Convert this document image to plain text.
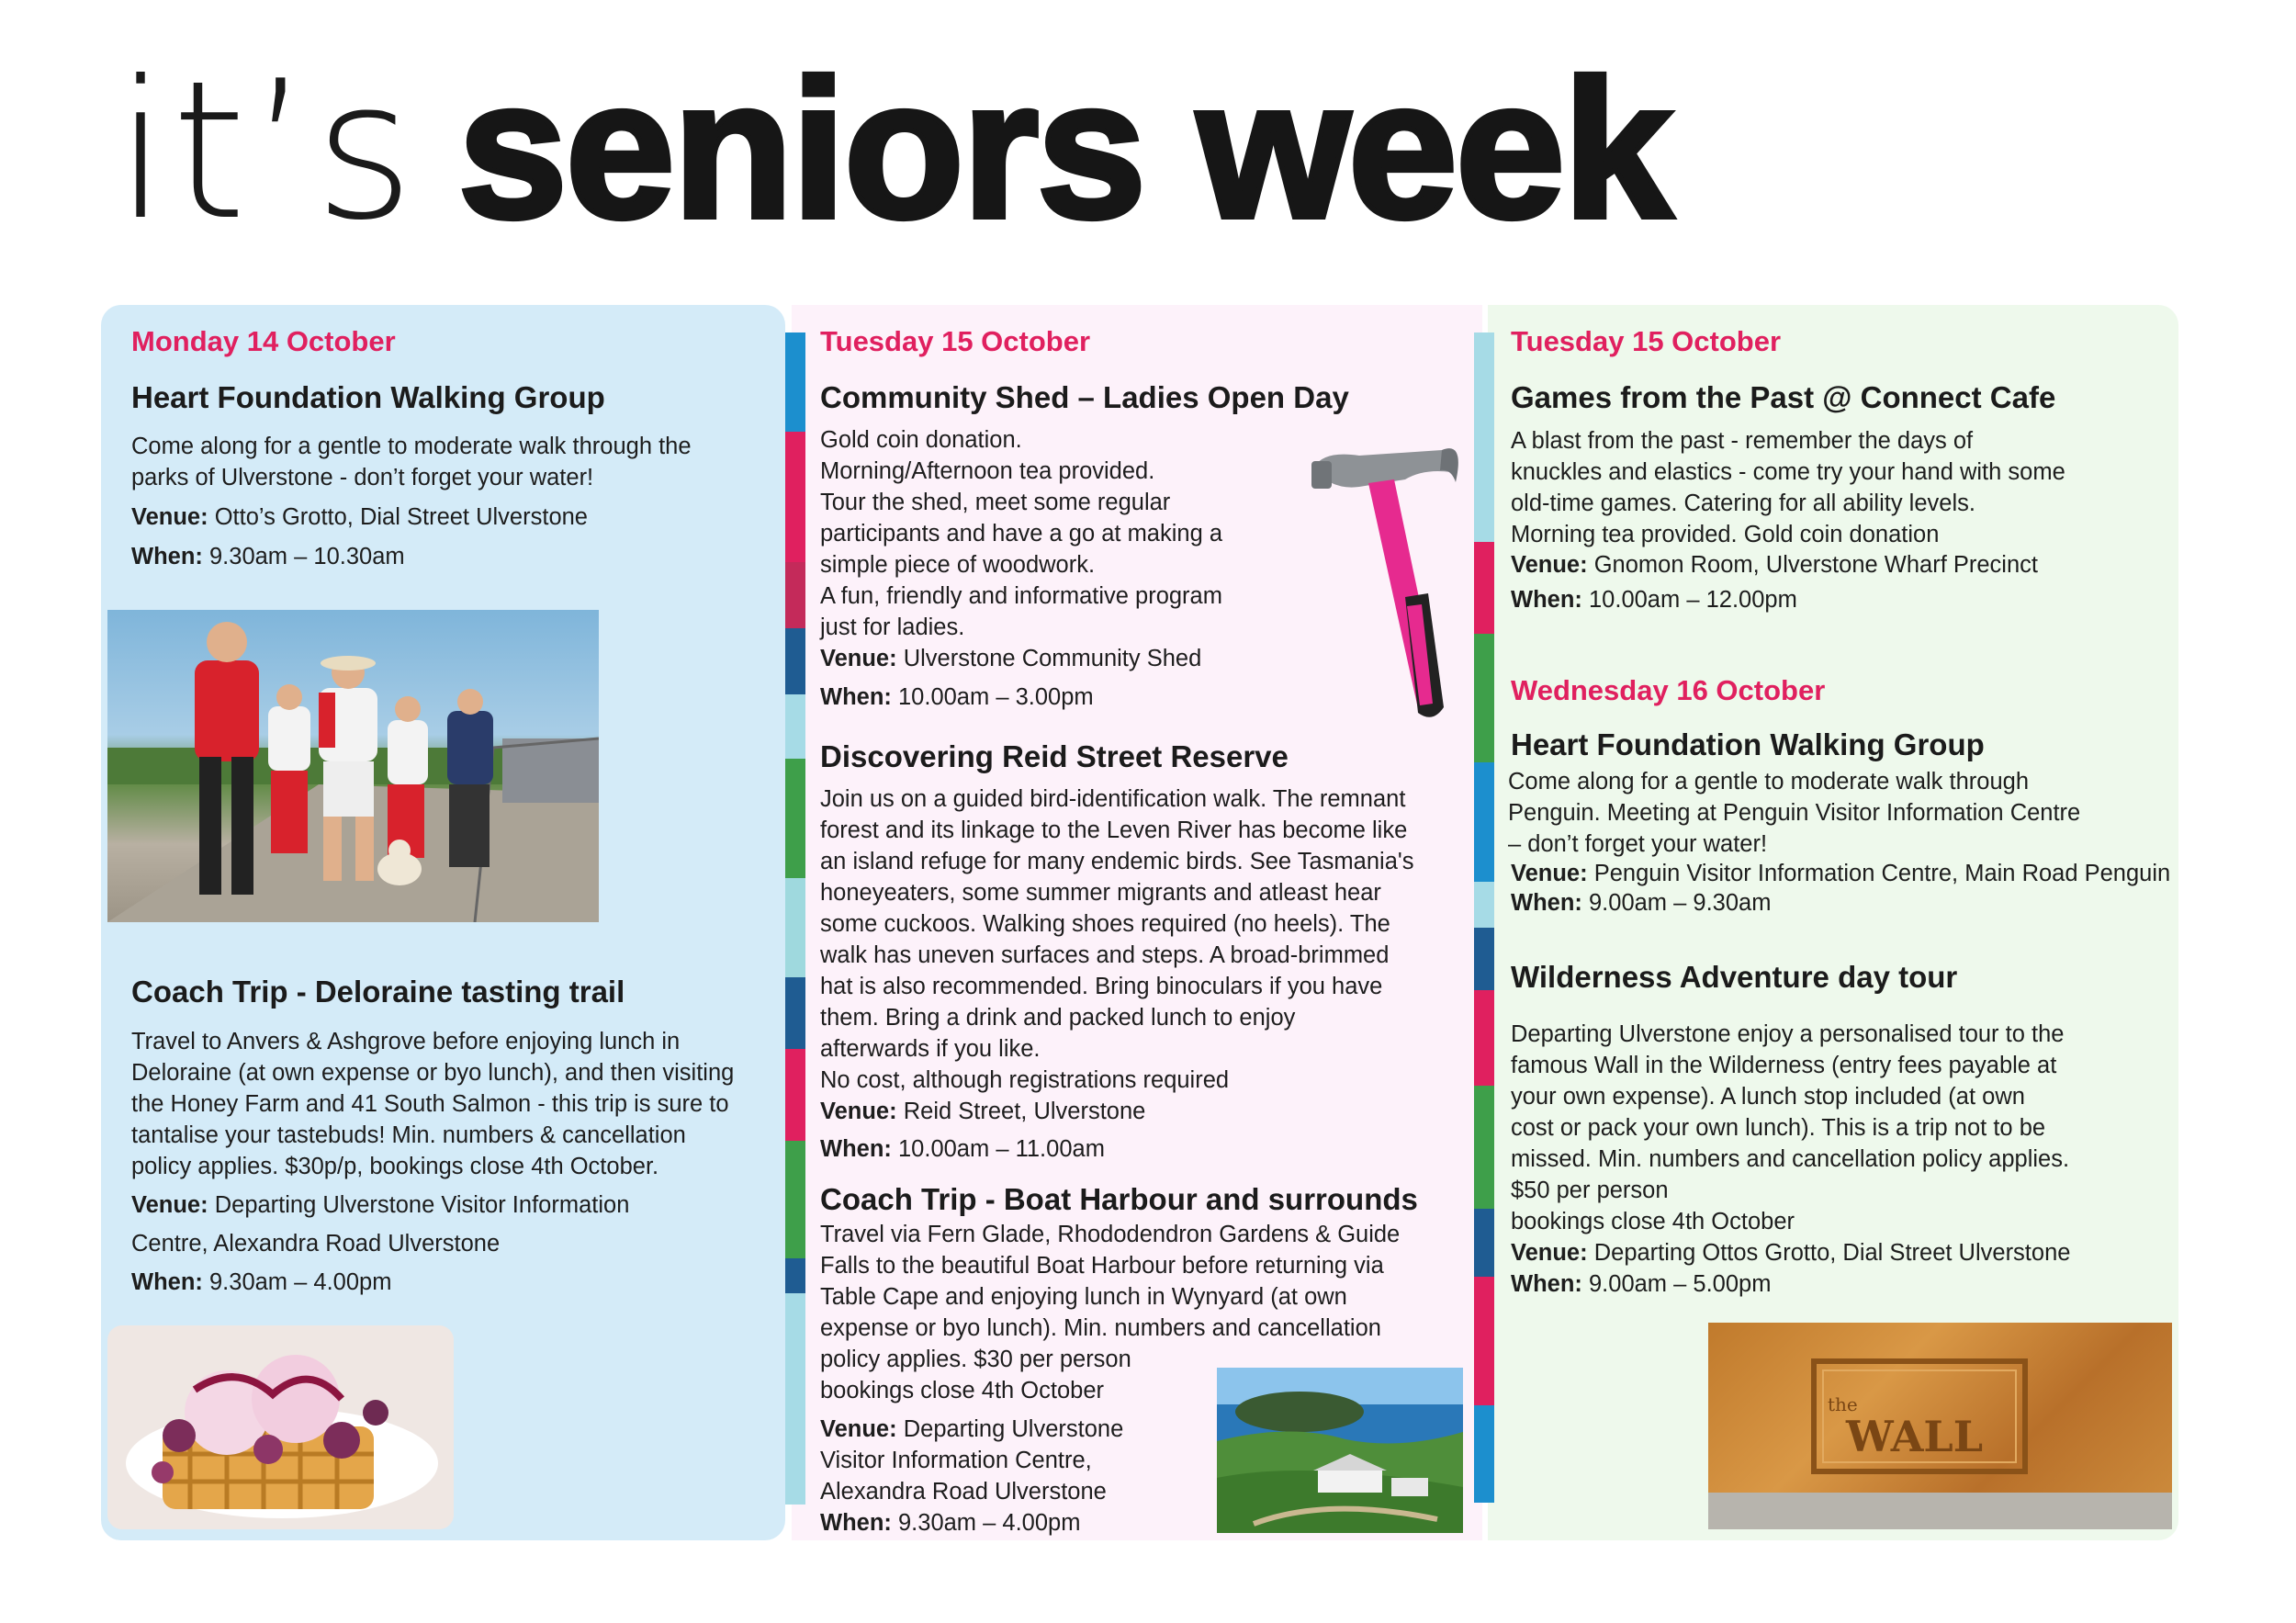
it’s seniors week
Monday 14 October
Heart Foundation Walking Group
Come along for a gentle to moderate walk through the
parks of Ulverstone - don’t forget your water!
Venue: Otto’s Grotto, Dial Street Ulverstone
When: 9.30am – 10.30am
Coach Trip - Deloraine tasting trail
Travel to Anvers & Ashgrove before enjoying lunch in
Deloraine (at own expense or byo lunch), and then visiting
the Honey Farm and 41 South Salmon - this trip is sure to
tantalise your tastebuds! Min. numbers & cancellation
policy applies. $30p/p, bookings close 4th October.
Venue: Departing Ulverstone Visitor Information
Centre, Alexandra Road Ulverstone
When: 9.30am – 4.00pm
Tuesday 15 October
Community Shed – Ladies Open Day
Gold coin donation.
Morning/Afternoon tea provided.
Tour the shed, meet some regular
participants and have a go at making a
simple piece of woodwork.
A fun, friendly and informative program
just for ladies.
Venue: Ulverstone Community Shed
When: 10.00am – 3.00pm
Discovering Reid Street Reserve
Join us on a guided bird-identification walk. The remnant
forest and its linkage to the Leven River has become like
an island refuge for many endemic birds. See Tasmania's
honeyeaters, some summer migrants and atleast hear
some cuckoos. Walking shoes required (no heels). The
walk has uneven surfaces and steps. A broad-brimmed
hat is also recommended. Bring binoculars if you have
them. Bring a drink and packed lunch to enjoy
afterwards if you like.
No cost, although registrations required
Venue: Reid Street, Ulverstone
When: 10.00am – 11.00am
Coach Trip - Boat Harbour and surrounds
Travel via Fern Glade, Rhododendron Gardens & Guide
Falls to the beautiful Boat Harbour before returning via
Table Cape and enjoying lunch in Wynyard (at own
expense or byo lunch). Min. numbers and cancellation
policy applies. $30 per person
bookings close 4th October
Venue: Departing Ulverstone
Visitor Information Centre,
Alexandra Road Ulverstone
When: 9.30am – 4.00pm
Tuesday 15 October
Games from the Past @ Connect Cafe
A blast from the past - remember the days of
knuckles and elastics - come try your hand with some
old-time games. Catering for all ability levels.
Morning tea provided. Gold coin donation
Venue: Gnomon Room, Ulverstone Wharf Precinct
When: 10.00am – 12.00pm
Wednesday 16 October
Heart Foundation Walking Group
Come along for a gentle to moderate walk through
Penguin. Meeting at Penguin Visitor Information Centre
– don’t forget your water!
Venue: Penguin Visitor Information Centre, Main Road Penguin
When: 9.00am – 9.30am
Wilderness Adventure day tour
Departing Ulverstone enjoy a personalised tour to the
famous Wall in the Wilderness (entry fees payable at
your own expense). A lunch stop included (at own
cost or pack your own lunch). This is a trip not to be
missed. Min. numbers and cancellation policy applies.
$50 per person
bookings close 4th October
Venue: Departing Ottos Grotto, Dial Street Ulverstone
When: 9.00am – 5.00pm
the
WALL
